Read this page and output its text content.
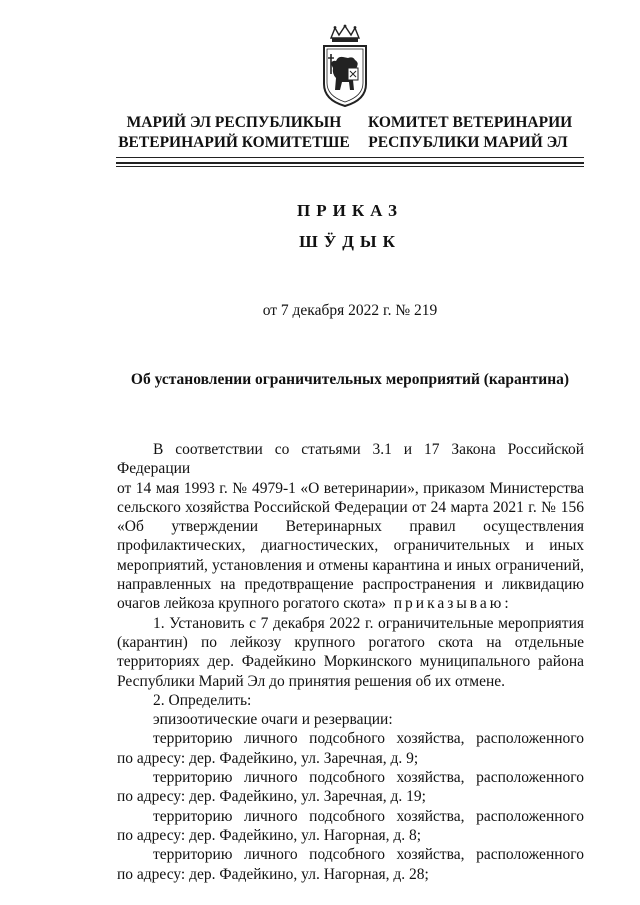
МАРИЙ ЭЛ РЕСПУБЛИКЫН
ВЕТЕРИНАРИЙ КОМИТЕТШЕ
КОМИТЕТ ВЕТЕРИНАРИИ
РЕСПУБЛИКИ МАРИЙ ЭЛ
ПРИКАЗ
ШӰДЫК
от 7 декабря 2022 г. № 219
Об установлении ограничительных мероприятий (карантина)

В соответствии со статьями 3.1 и 17 Закона Российской Федерации

от 14 мая 1993 г. № 4979-1 «О ветеринарии», приказом Министерства

сельского хозяйства Российской Федерации от 24 марта 2021 г. № 156

«Об утверждении Ветеринарных правил осуществления

профилактических, диагностических, ограничительных и иных

мероприятий, установления и отмены карантина и иных ограничений,

направленных на предотвращение распространения и ликвидацию

очагов лейкоза крупного рогатого скота» приказываю:

1. Установить с 7 декабря 2022 г. ограничительные мероприятия

(карантин) по лейкозу крупного рогатого скота на отдельные

территориях дер. Фадейкино Моркинского муниципального района

Республики Марий Эл до принятия решения об их отмене.

2. Определить:

эпизоотические очаги и резервации:

территорию личного подсобного хозяйства, расположенного

по адресу: дер. Фадейкино, ул. Заречная, д. 9;

территорию личного подсобного хозяйства, расположенного

по адресу: дер. Фадейкино, ул. Заречная, д. 19;

территорию личного подсобного хозяйства, расположенного

по адресу: дер. Фадейкино, ул. Нагорная, д. 8;

территорию личного подсобного хозяйства, расположенного

по адресу: дер. Фадейкино, ул. Нагорная, д. 28;
